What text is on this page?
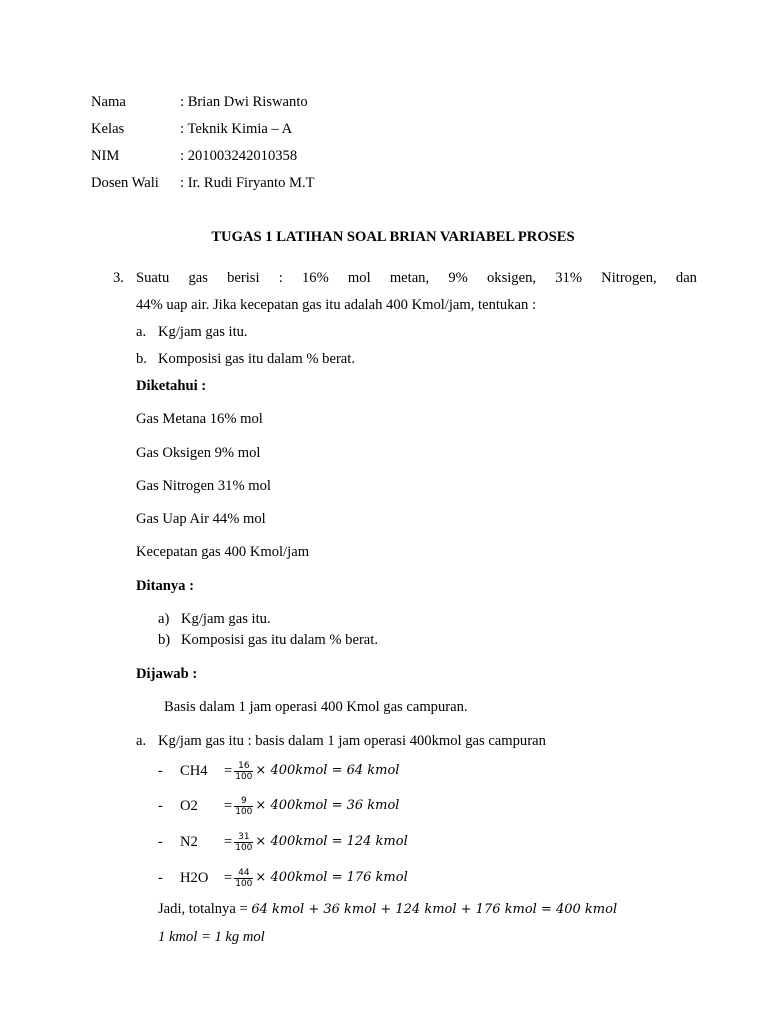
Nama	: Brian Dwi Riswanto
Kelas	: Teknik Kimia – A
NIM	: 201003242010358
Dosen Wali : Ir. Rudi Firyanto M.T
TUGAS 1 LATIHAN SOAL BRIAN VARIABEL PROSES
3. Suatu gas berisi : 16% mol metan, 9% oksigen, 31% Nitrogen, dan
44% uap air. Jika kecepatan gas itu adalah 400 Kmol/jam, tentukan :
a. Kg/jam gas itu.
b. Komposisi gas itu dalam % berat.
Diketahui :
Gas Metana 16% mol
Gas Oksigen 9% mol
Gas Nitrogen 31% mol
Gas Uap Air 44% mol
Kecepatan gas 400 Kmol/jam
Ditanya :
a) Kg/jam gas itu.
b) Komposisi gas itu dalam % berat.
Dijawab :
Basis dalam 1 jam operasi 400 Kmol gas campuran.
a. Kg/jam gas itu : basis dalam 1 jam operasi 400kmol gas campuran
-	CH4	= $\frac{16}{100}$ × 400kmol = 64 kmol
-	O2	= $\frac{9}{100}$ × 400kmol = 36 kmol
-	N2	= $\frac{31}{100}$ × 400kmol = 124 kmol
-	H2O	= $\frac{44}{100}$ × 400kmol = 176 kmol
Jadi, totalnya = 64 kmol + 36 kmol + 124 kmol + 176 kmol = 400 kmol
1 kmol = 1 kg mol
